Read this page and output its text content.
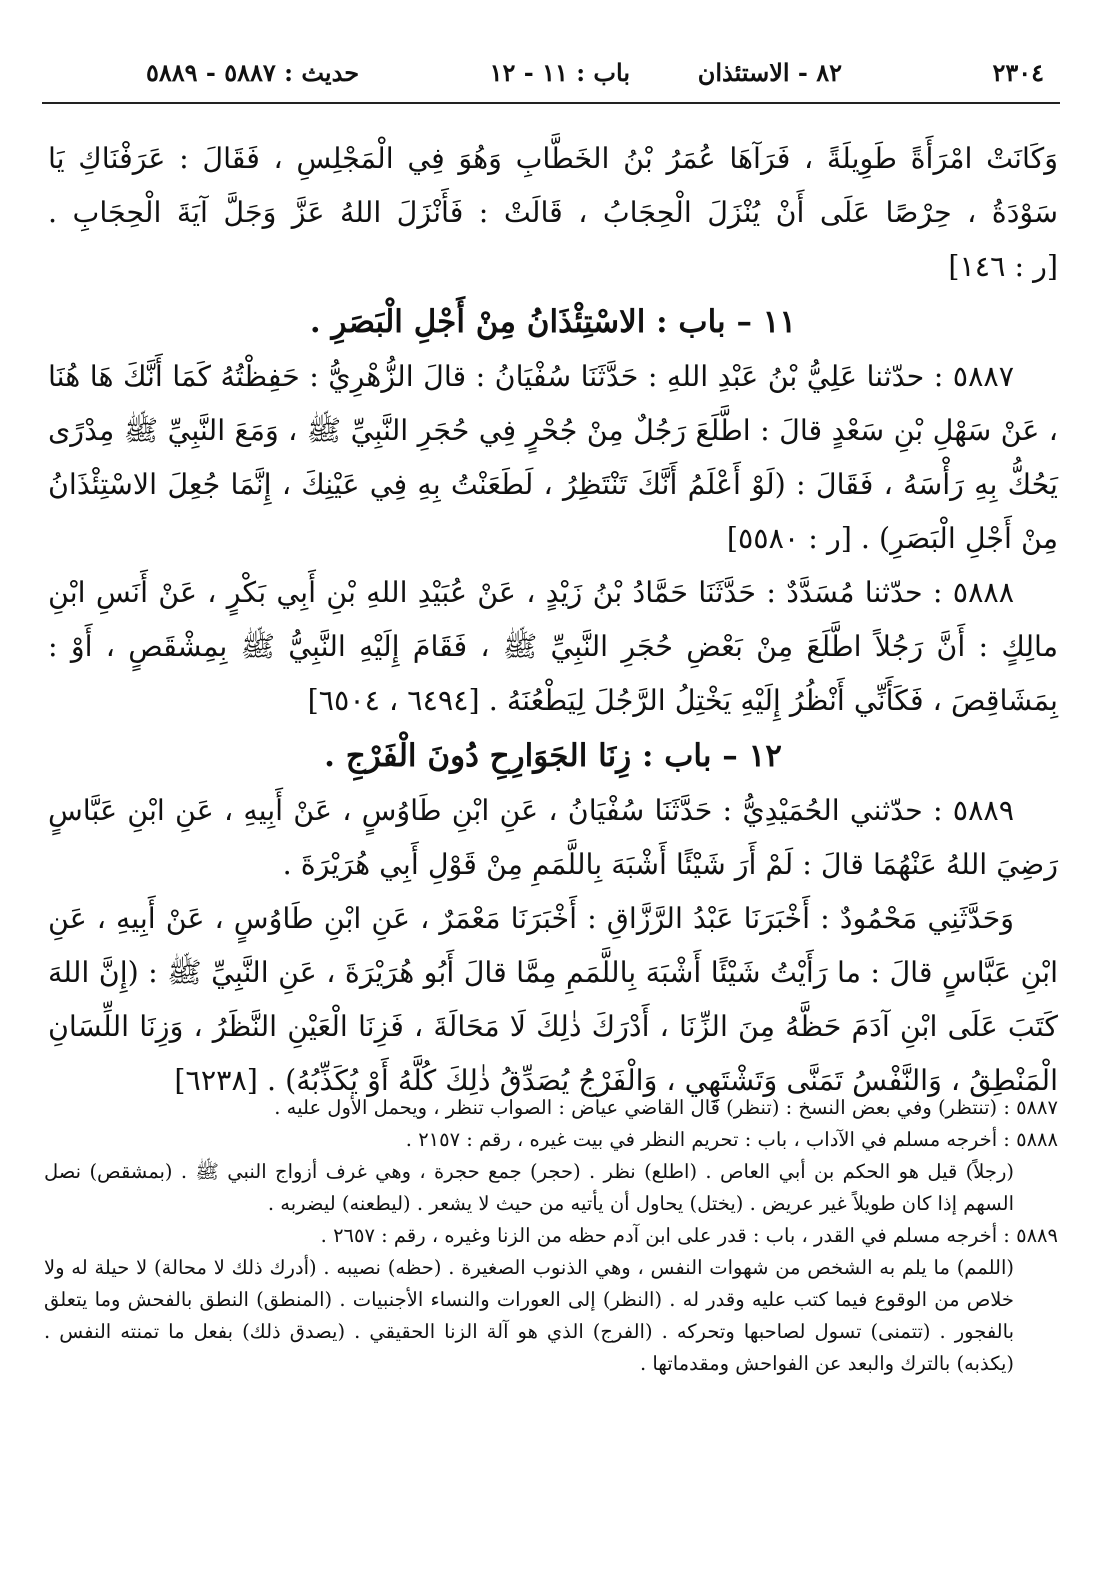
٢٣٠٤
٨٢ - الاستئذان
باب : ١١ - ١٢
حديث : ٥٨٨٧ - ٥٨٨٩

وَكَانَتْ امْرَأَةً طَوِيلَةً ، فَرَآهَا عُمَرُ بْنُ الخَطَّابِ وَهُوَ فِي الْمَجْلِسِ ، فَقَالَ : عَرَفْنَاكِ يَا سَوْدَةُ ، حِرْصًا عَلَى أَنْ يُنْزَلَ الْحِجَابُ ، قَالَتْ : فَأَنْزَلَ اللهُ عَزَّ وَجَلَّ آيَةَ الْحِجَابِ . [ر : ١٤٦]

١١ – باب : الاسْتِئْذَانُ مِنْ أَجْلِ الْبَصَرِ .

٥٨٨٧ : حدّثنا عَلِيُّ بْنُ عَبْدِ اللهِ : حَدَّثَنَا سُفْيَانُ : قالَ الزُّهْرِيُّ : حَفِظْتُهُ كَمَا أَنَّكَ هَا هُنَا ، عَنْ سَهْلِ بْنِ سَعْدٍ قالَ : اطَّلَعَ رَجُلٌ مِنْ جُحْرٍ فِي حُجَرِ النَّبِيِّ ﷺ ، وَمَعَ النَّبِيِّ ﷺ مِدْرًى يَحُكُّ بِهِ رَأْسَهُ ، فَقَالَ : (لَوْ أَعْلَمُ أَنَّكَ تَنْتَظِرُ ، لَطَعَنْتُ بِهِ فِي عَيْنِكَ ، إِنَّمَا جُعِلَ الاسْتِئْذَانُ مِنْ أَجْلِ الْبَصَرِ) . [ر : ٥٥٨٠]

٥٨٨٨ : حدّثنا مُسَدَّدٌ : حَدَّثَنَا حَمَّادُ بْنُ زَيْدٍ ، عَنْ عُبَيْدِ اللهِ بْنِ أَبِي بَكْرٍ ، عَنْ أَنَسِ ابْنِ مالِكٍ : أَنَّ رَجُلاً اطَّلَعَ مِنْ بَعْضِ حُجَرِ النَّبِيِّ ﷺ ، فَقَامَ إِلَيْهِ النَّبِيُّ ﷺ بِمِشْقَصٍ ، أَوْ : بِمَشَاقِصَ ، فَكَأَنِّي أَنْظُرُ إِلَيْهِ يَخْتِلُ الرَّجُلَ لِيَطْعُنَهُ . [٦٤٩٤ ، ٦٥٠٤]

١٢ – باب : زِنَا الجَوَارِحِ دُونَ الْفَرْجِ .

٥٨٨٩ : حدّثني الحُمَيْدِيُّ : حَدَّثَنَا سُفْيَانُ ، عَنِ ابْنِ طَاوُسٍ ، عَنْ أَبِيهِ ، عَنِ ابْنِ عَبَّاسٍ رَضِيَ اللهُ عَنْهُمَا قالَ : لَمْ أَرَ شَيْئًا أَشْبَهَ بِاللَّمَمِ مِنْ قَوْلِ أَبِي هُرَيْرَةَ .

وَحَدَّثَنِي مَحْمُودٌ : أَخْبَرَنَا عَبْدُ الرَّزَّاقِ : أَخْبَرَنَا مَعْمَرٌ ، عَنِ ابْنِ طَاوُسٍ ، عَنْ أَبِيهِ ، عَنِ ابْنِ عَبَّاسٍ قالَ : ما رَأَيْتُ شَيْئًا أَشْبَهَ بِاللَّمَمِ مِمَّا قالَ أَبُو هُرَيْرَةَ ، عَنِ النَّبِيِّ ﷺ : (إِنَّ اللهَ كَتَبَ عَلَى ابْنِ آدَمَ حَظَّهُ مِنَ الزِّنَا ، أَدْرَكَ ذٰلِكَ لَا مَحَالَةَ ، فَزِنَا الْعَيْنِ النَّظَرُ ، وَزِنَا اللِّسَانِ الْمَنْطِقُ ، وَالنَّفْسُ تَمَنَّى وَتَشْتَهِي ، وَالْفَرْجُ يُصَدِّقُ ذٰلِكَ كُلَّهُ أَوْ يُكَذِّبُهُ) . [٦٢٣٨]

٥٨٨٧ : (تنتظر) وفي بعض النسخ : (تنظر) قال القاضي عياض : الصواب تنظر ، ويحمل الأول عليه .

٥٨٨٨ : أخرجه مسلم في الآداب ، باب : تحريم النظر في بيت غيره ، رقم : ٢١٥٧ .

(رجلاً) قيل هو الحكم بن أبي العاص . (اطلع) نظر . (حجر) جمع حجرة ، وهي غرف أزواج النبي ﷺ . (بمشقص) نصل السهم إذا كان طويلاً غير عريض . (يختل) يحاول أن يأتيه من حيث لا يشعر . (ليطعنه) ليضربه .

٥٨٨٩ : أخرجه مسلم في القدر ، باب : قدر على ابن آدم حظه من الزنا وغيره ، رقم : ٢٦٥٧ .

(اللمم) ما يلم به الشخص من شهوات النفس ، وهي الذنوب الصغيرة . (حظه) نصيبه . (أدرك ذلك لا محالة) لا حيلة له ولا خلاص من الوقوع فيما كتب عليه وقدر له . (النظر) إلى العورات والنساء الأجنبيات . (المنطق) النطق بالفحش وما يتعلق بالفجور . (تتمنى) تسول لصاحبها وتحركه . (الفرج) الذي هو آلة الزنا الحقيقي . (يصدق ذلك) بفعل ما تمنته النفس . (يكذبه) بالترك والبعد عن الفواحش ومقدماتها .
